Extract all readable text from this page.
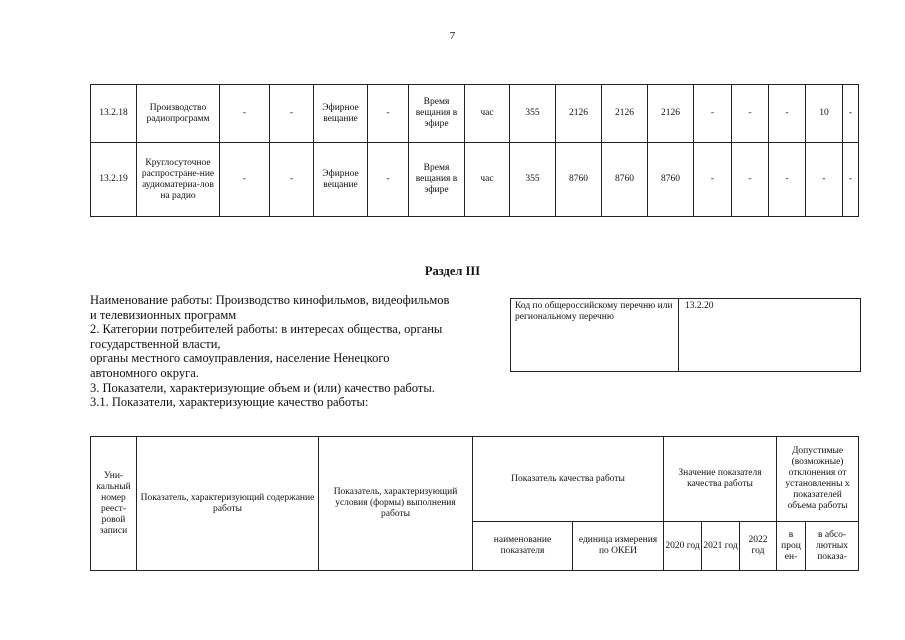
7
13.2.18	Производство радиопрограмм	-	-	Эфирное вещание	-	Время вещания в эфире	час	355	2126	2126	2126	-	-	-	10	-
13.2.19	Круглосуточное распростране-ние аудиоматериа-лов на радио	-	-	Эфирное вещание	-	Время вещания в эфире	час	355	8760	8760	8760	-	-	-	-	-
Раздел III
Наименование работы: Производство кинофильмов, видеофильмов
и телевизионных программ
2. Категории потребителей работы: в интересах общества, органы
государственной власти,
органы местного самоуправления, население Ненецкого
автономного округа.
3. Показатели, характеризующие объем и (или) качество работы.
3.1. Показатели, характеризующие качество работы:
Код по общероссийскому перечню или региональному перечню
13.2.20
Уни-кальный номер реест-ровой записи	Показатель, характеризующий содержание работы	Показатель, характеризующий условия (формы) выполнения работы	Показатель качества работы		Значение показателя качества работы			Допустимые (возможные) отклонения от установленны х показателей объема работы	
			наименование показателя	единица измерения по ОКЕИ	2020 год	2021 год	2022 год	в проц ен-	в абсо-лютных показа-
